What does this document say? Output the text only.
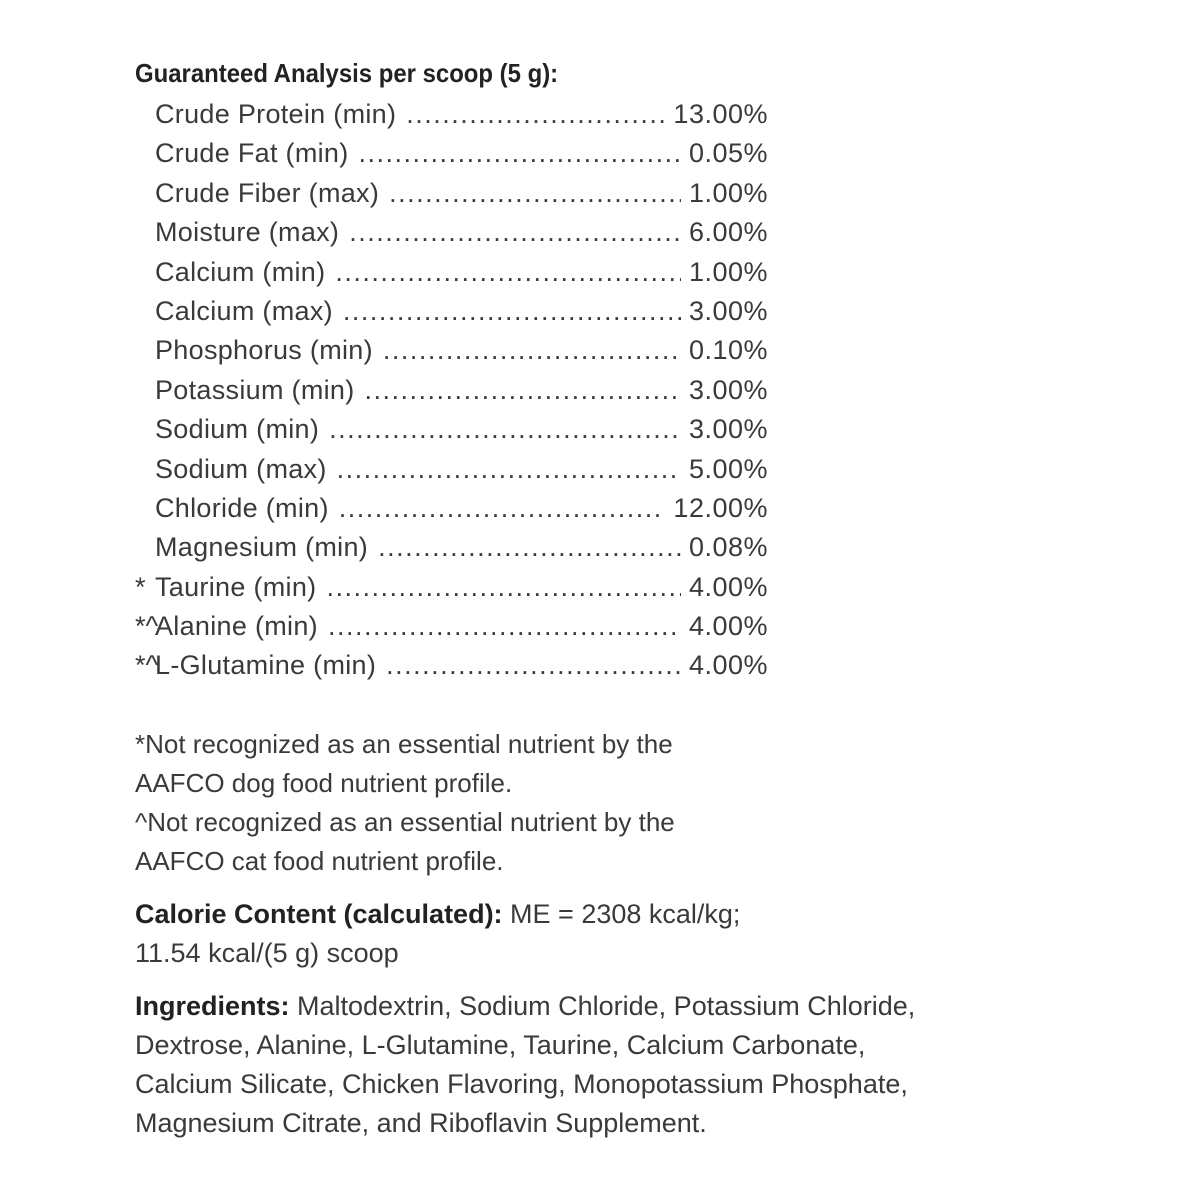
Guaranteed Analysis per scoop (5 g):
Crude Protein (min) .....	13.00%
Crude Fat (min) .....	0.05%
Crude Fiber (max) .....	1.00%
Moisture (max) .....	6.00%
Calcium (min) .....	1.00%
Calcium (max) .....	3.00%
Phosphorus (min) .....	0.10%
Potassium (min) .....	3.00%
Sodium (min) .....	3.00%
Sodium (max) .....	5.00%
Chloride (min) .....	12.00%
Magnesium (min) .....	0.08%
* Taurine (min) .....	4.00%
*^
Alanine (min) .....	4.00%
*^
L-Glutamine (min) .....	4.00%
*Not recognized as an essential nutrient by the
AAFCO dog food nutrient profile.
^Not recognized as an essential nutrient by the
AAFCO cat food nutrient profile.
Calorie Content (calculated): ME = 2308 kcal/kg;
11.54 kcal/(5 g) scoop
Ingredients: Maltodextrin, Sodium Chloride, Potassium Chloride,
Dextrose, Alanine, L-Glutamine, Taurine, Calcium Carbonate,
Calcium Silicate, Chicken Flavoring, Monopotassium Phosphate,
Magnesium Citrate, and Riboflavin Supplement.
